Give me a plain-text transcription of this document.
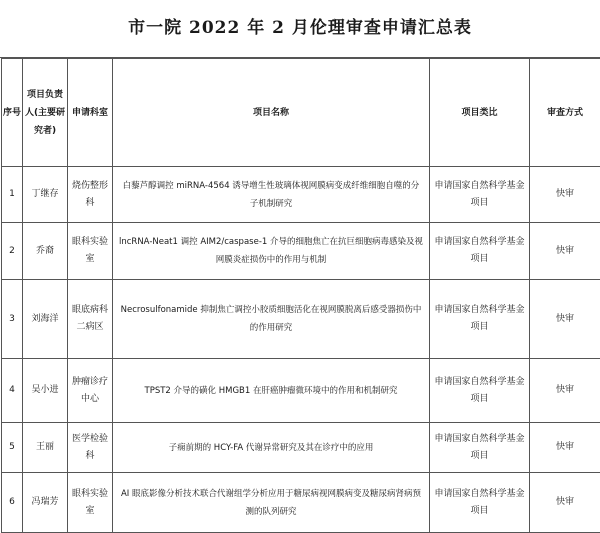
市一院 2022 年 2 月伦理审查申请汇总表
序号	项目负责人(主要研究者)	申请科室	项目名称	项目类比	审查方式
1	丁继存	烧伤整形科	白藜芦醇调控 miRNA-4564 诱导增生性玻璃体视网膜病变成纤维细胞自噬的分子机制研究	申请国家自然科学基金项目	快审
2	乔裔	眼科实验室	lncRNA-Neat1 调控 AIM2/caspase-1 介导的细胞焦亡在抗巨细胞病毒感染及视网膜炎症损伤中的作用与机制	申请国家自然科学基金项目	快审
3	刘海洋	眼底病科二病区	Necrosulfonamide 抑制焦亡调控小胶质细胞活化在视网膜脱离后感受器损伤中的作用研究	申请国家自然科学基金项目	快审
4	吴小进	肿瘤诊疗中心	TPST2 介导的磺化 HMGB1 在肝癌肿瘤微环境中的作用和机制研究	申请国家自然科学基金项目	快审
5	王丽	医学检验科	子痫前期的 HCY-FA 代谢异常研究及其在诊疗中的应用	申请国家自然科学基金项目	快审
6	冯瑞芳	眼科实验室	AI 眼底影像分析技术联合代谢组学分析应用于糖尿病视网膜病变及糖尿病肾病预测的队列研究	申请国家自然科学基金项目	快审
